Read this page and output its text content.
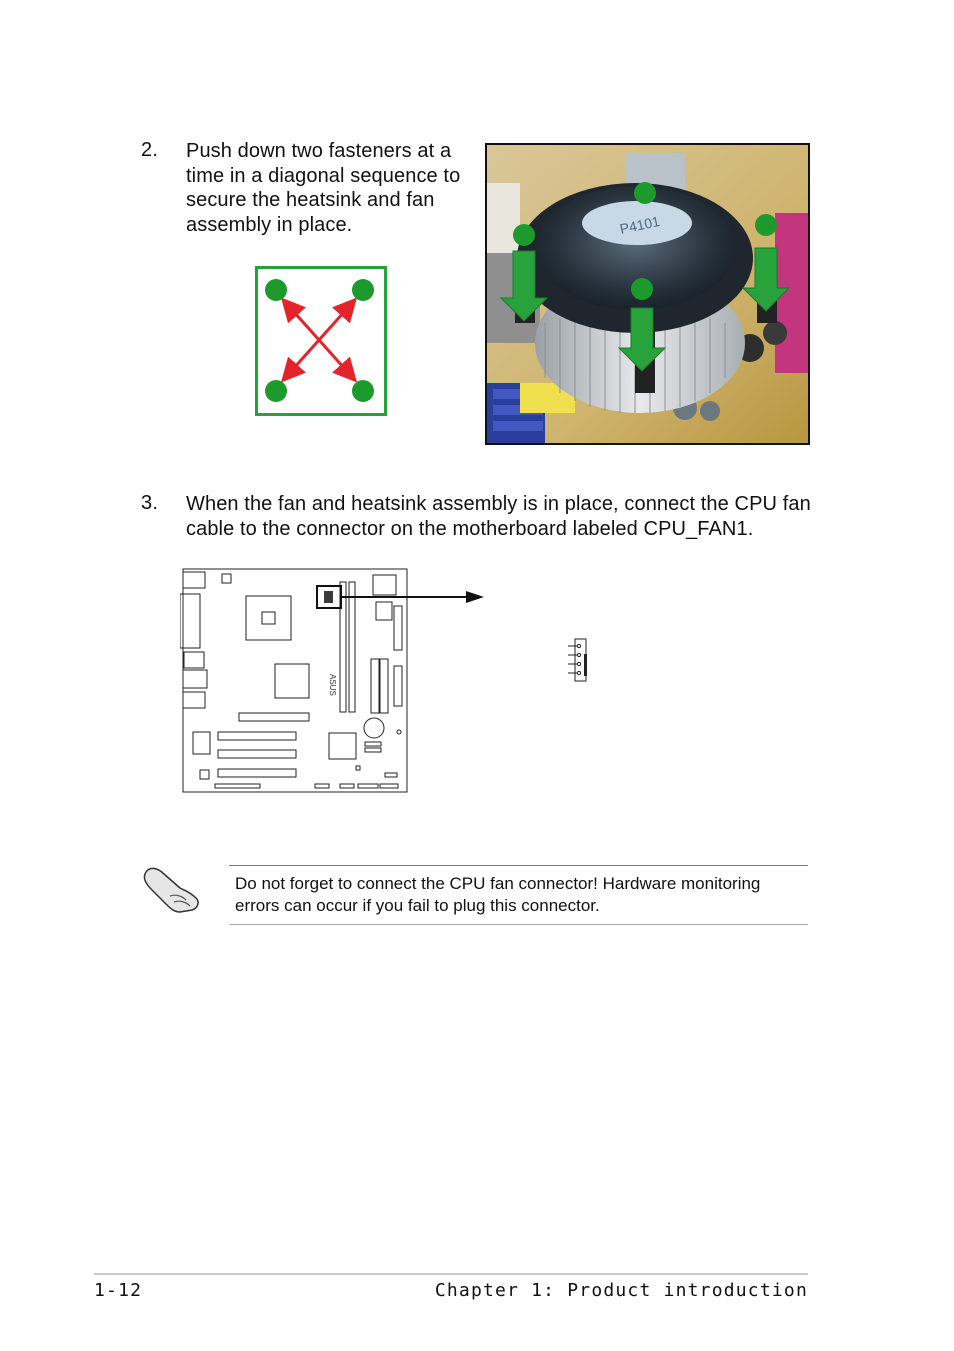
2. Push down two fasteners at a time in a diagonal sequence to secure the heatsink and fan assembly in place.	P4101
3. When the fan and heatsink assembly is in place, connect the CPU fan cable to the connector on the motherboard labeled CPU_FAN1.
ASUS
Do not forget to connect the CPU fan connector! Hardware monitoring errors can occur if you fail to plug this connector.
1-12	Chapter 1: Product introduction
